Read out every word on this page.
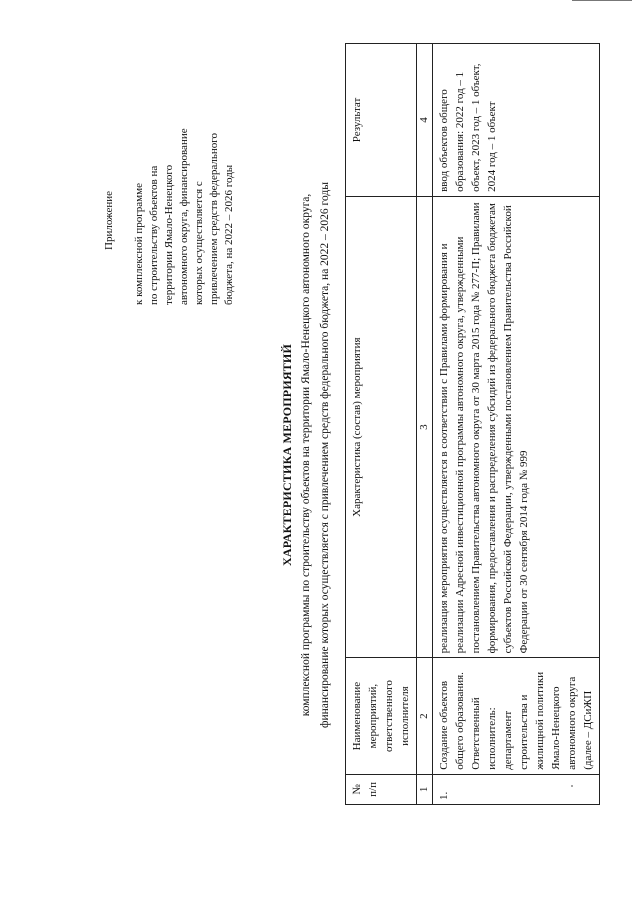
Приложение к комплексной программе по строительству объектов на территории Ямало-Ненецкого автономного округа, финансирование которых осуществляется с привлечением средств федерального бюджета, на 2022 – 2026 годы
ХАРАКТЕРИСТИКА МЕРОПРИЯТИЙ комплексной программы по строительству объектов на территории Ямало-Ненецкого автономного округа, финансирование которых осуществляется с привлечением средств федерального бюджета, на 2022 – 2026 годы
№ п/п	Наименование мероприятий, ответственного исполнителя	Характеристика (состав) мероприятия	Результат
1	2	3	4
1.	Создание объектов общего образования. Ответственный исполнитель: департамент строительства и жилищной политики Ямало-Ненецкого автономного округа (далее – ДСиЖП	реализация мероприятия осуществляется в соответствии с Правилами формирования и реализации Адресной инвестиционной программы автономного округа, утвержденными постановлением Правительства автономного округа от 30 марта 2015 года № 277-П; Правилами формирования, предоставления и распределения субсидий из федерального бюджета бюджетам субъектов Российской Федерации, утвержденными постановлением Правительства Российской Федерации от 30 сентября 2014 года № 999	ввод объектов общего образования: 2022 год – 1 объект, 2023 год – 1 объект, 2024 год – 1 объект
